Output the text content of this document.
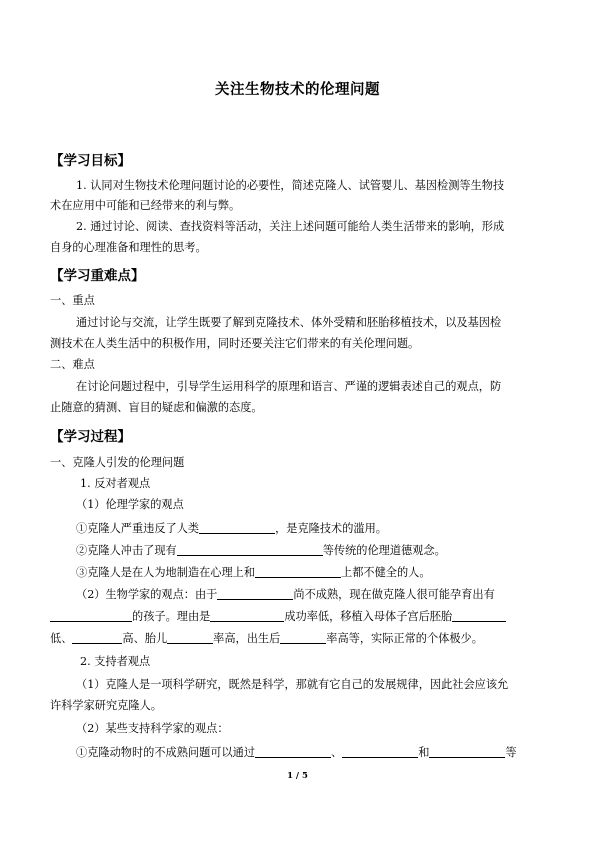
关注生物技术的伦理问题
【学习目标】
1. 认同对生物技术伦理问题讨论的必要性，简述克隆人、试管婴儿、基因检测等生物技
术在应用中可能和已经带来的利与弊。
2. 通过讨论、阅读、查找资料等活动，关注上述问题可能给人类生活带来的影响，形成
自身的心理准备和理性的思考。
【学习重难点】
一、重点
通过讨论与交流，让学生既要了解到克隆技术、体外受精和胚胎移植技术，以及基因检
测技术在人类生活中的积极作用，同时还要关注它们带来的有关伦理问题。
二、难点
在讨论问题过程中，引导学生运用科学的原理和语言、严谨的逻辑表述自己的观点，防
止随意的猜测、盲目的疑虑和偏激的态度。
【学习过程】
一、克隆人引发的伦理问题
1. 反对者观点
（1）伦理学家的观点
①克隆人严重违反了人类	，是克隆技术的滥用。
②克隆人冲击了现有	等传统的伦理道德观念。
③克隆人是在人为地制造在心理上和	上都不健全的人。
（2）生物学家的观点：由于	尚不成熟，现在做克隆人很可能孕育出有
的孩子。理由是	成功率低，移植入母体子宫后胚胎
低、	高、胎儿	率高，出生后	率高等，实际正常的个体极少。
2. 支持者观点
（1）克隆人是一项科学研究，既然是科学，那就有它自己的发展规律，因此社会应该允
许科学家研究克隆人。
（2）某些支持科学家的观点：
①克隆动物时的不成熟问题可以通过	、	和	等
1 / 5
